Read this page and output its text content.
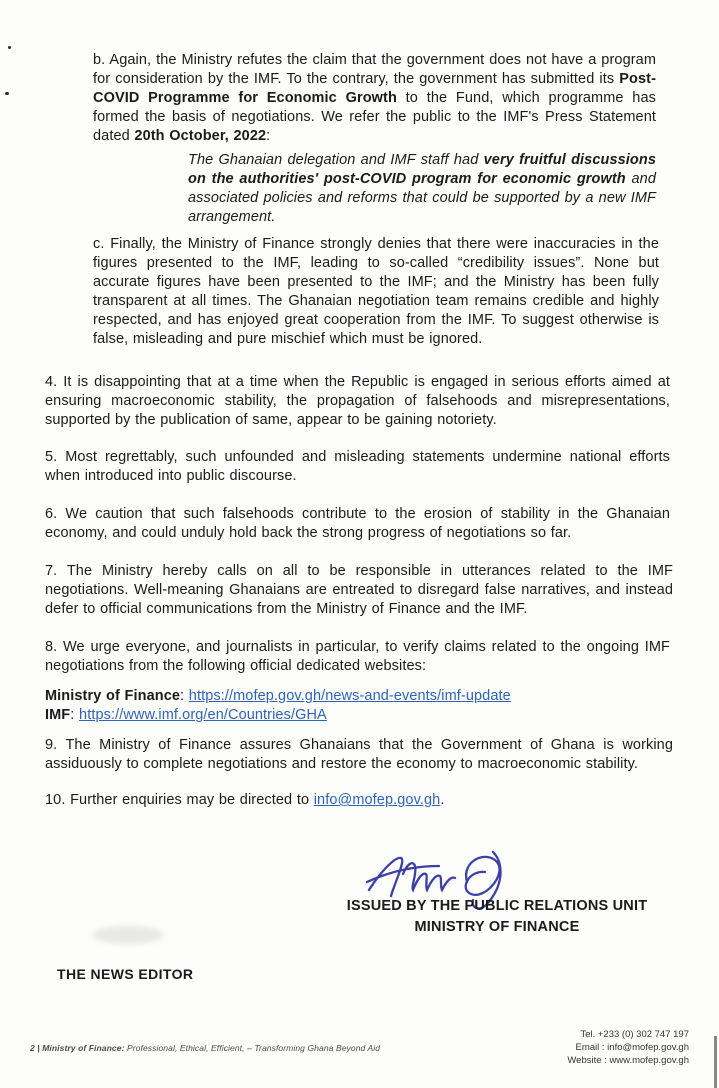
b. Again, the Ministry refutes the claim that the government does not have a program for consideration by the IMF. To the contrary, the government has submitted its Post-COVID Programme for Economic Growth to the Fund, which programme has formed the basis of negotiations. We refer the public to the IMF's Press Statement dated 20th October, 2022:
The Ghanaian delegation and IMF staff had very fruitful discussions on the authorities' post-COVID program for economic growth and associated policies and reforms that could be supported by a new IMF arrangement.
c. Finally, the Ministry of Finance strongly denies that there were inaccuracies in the figures presented to the IMF, leading to so-called “credibility issues”. None but accurate figures have been presented to the IMF; and the Ministry has been fully transparent at all times. The Ghanaian negotiation team remains credible and highly respected, and has enjoyed great cooperation from the IMF. To suggest otherwise is false, misleading and pure mischief which must be ignored.
4. It is disappointing that at a time when the Republic is engaged in serious efforts aimed at ensuring macroeconomic stability, the propagation of falsehoods and misrepresentations, supported by the publication of same, appear to be gaining notoriety.
5. Most regrettably, such unfounded and misleading statements undermine national efforts when introduced into public discourse.
6. We caution that such falsehoods contribute to the erosion of stability in the Ghanaian economy, and could unduly hold back the strong progress of negotiations so far.
7. The Ministry hereby calls on all to be responsible in utterances related to the IMF negotiations. Well-meaning Ghanaians are entreated to disregard false narratives, and instead defer to official communications from the Ministry of Finance and the IMF.
8. We urge everyone, and journalists in particular, to verify claims related to the ongoing IMF negotiations from the following official dedicated websites:
Ministry of Finance: https://mofep.gov.gh/news-and-events/imf-update
IMF: https://www.imf.org/en/Countries/GHA
9. The Ministry of Finance assures Ghanaians that the Government of Ghana is working assiduously to complete negotiations and restore the economy to macroeconomic stability.
10. Further enquiries may be directed to info@mofep.gov.gh.
ISSUED BY THE PUBLIC RELATIONS UNIT
MINISTRY OF FINANCE
THE NEWS EDITOR
2 | Ministry of Finance: Professional, Ethical, Efficient, – Transforming Ghana Beyond Aid
Tel. +233 (0) 302 747 197
Email : info@mofep.gov.gh
Website : www.mofep.gov.gh
